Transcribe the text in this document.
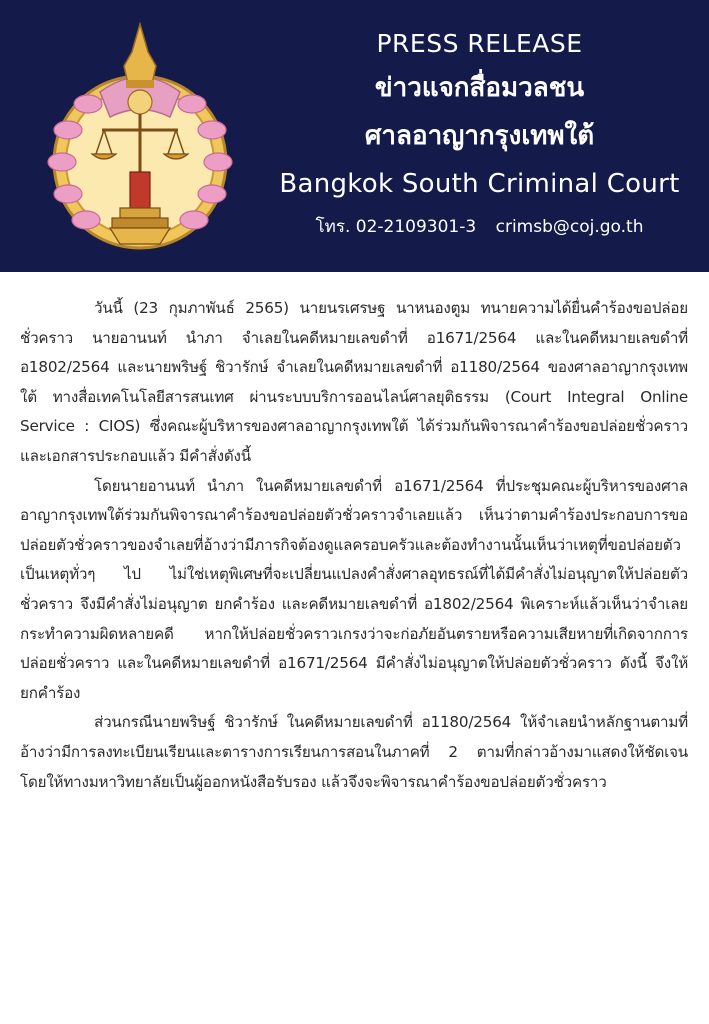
PRESS RELEASE
ข่าวแจกสื่อมวลชน
ศาลอาญากรุงเทพใต้
Bangkok South Criminal Court
โทร. 02-2109301-3 crimsb@coj.go.th

วันนี้ (23 กุมภาพันธ์ 2565) นายนรเศรษฐ นาหนองตูม ทนายความได้ยื่นคำร้องขอปล่อยชั่วคราว นายอานนท์ นำภา จำเลยในคดีหมายเลขดำที่ อ1671/2564 และในคดีหมายเลขดำที่ อ1802/2564 และนายพริษฐ์ ชิวารักษ์ จำเลยในคดีหมายเลขดำที่ อ1180/2564 ของศาลอาญากรุงเทพใต้ ทางสื่อเทคโนโลยีสารสนเทศ ผ่านระบบบริการออนไลน์ศาลยุติธรรม (Court Integral Online Service : CIOS) ซึ่งคณะผู้บริหารของศาลอาญากรุงเทพใต้ ได้ร่วมกันพิจารณาคำร้องขอปล่อยชั่วคราว และเอกสารประกอบแล้ว มีคำสั่งดังนี้

โดยนายอานนท์ นำภา ในคดีหมายเลขดำที่ อ1671/2564 ที่ประชุมคณะผู้บริหารของศาลอาญากรุงเทพใต้ร่วมกันพิจารณาคำร้องขอปล่อยตัวชั่วคราวจำเลยแล้ว เห็นว่าตามคำร้องประกอบการขอปล่อยตัวชั่วคราวของจำเลยที่อ้างว่ามีภารกิจต้องดูแลครอบครัวและต้องทำงานนั้นเห็นว่าเหตุที่ขอปล่อยตัวเป็นเหตุทั่วๆ ไป ไม่ใช่เหตุพิเศษที่จะเปลี่ยนแปลงคำสั่งศาลอุทธรณ์ที่ได้มีคำสั่งไม่อนุญาตให้ปล่อยตัวชั่วคราว จึงมีคำสั่งไม่อนุญาต ยกคำร้อง และคดีหมายเลขดำที่ อ1802/2564 พิเคราะห์แล้วเห็นว่าจำเลยกระทำความผิดหลายคดี หากให้ปล่อยชั่วคราวเกรงว่าจะก่อภัยอันตรายหรือความเสียหายที่เกิดจากการปล่อยชั่วคราว และในคดีหมายเลขดำที่ อ1671/2564 มีคำสั่งไม่อนุญาตให้ปล่อยตัวชั่วคราว ดังนี้ จึงให้ยกคำร้อง

ส่วนกรณีนายพริษฐ์ ชิวารักษ์ ในคดีหมายเลขดำที่ อ1180/2564 ให้จำเลยนำหลักฐานตามที่อ้างว่ามีการลงทะเบียนเรียนและตารางการเรียนการสอนในภาคที่ 2 ตามที่กล่าวอ้างมาแสดงให้ชัดเจน โดยให้ทางมหาวิทยาลัยเป็นผู้ออกหนังสือรับรอง แล้วจึงจะพิจารณาคำร้องขอปล่อยตัวชั่วคราว
